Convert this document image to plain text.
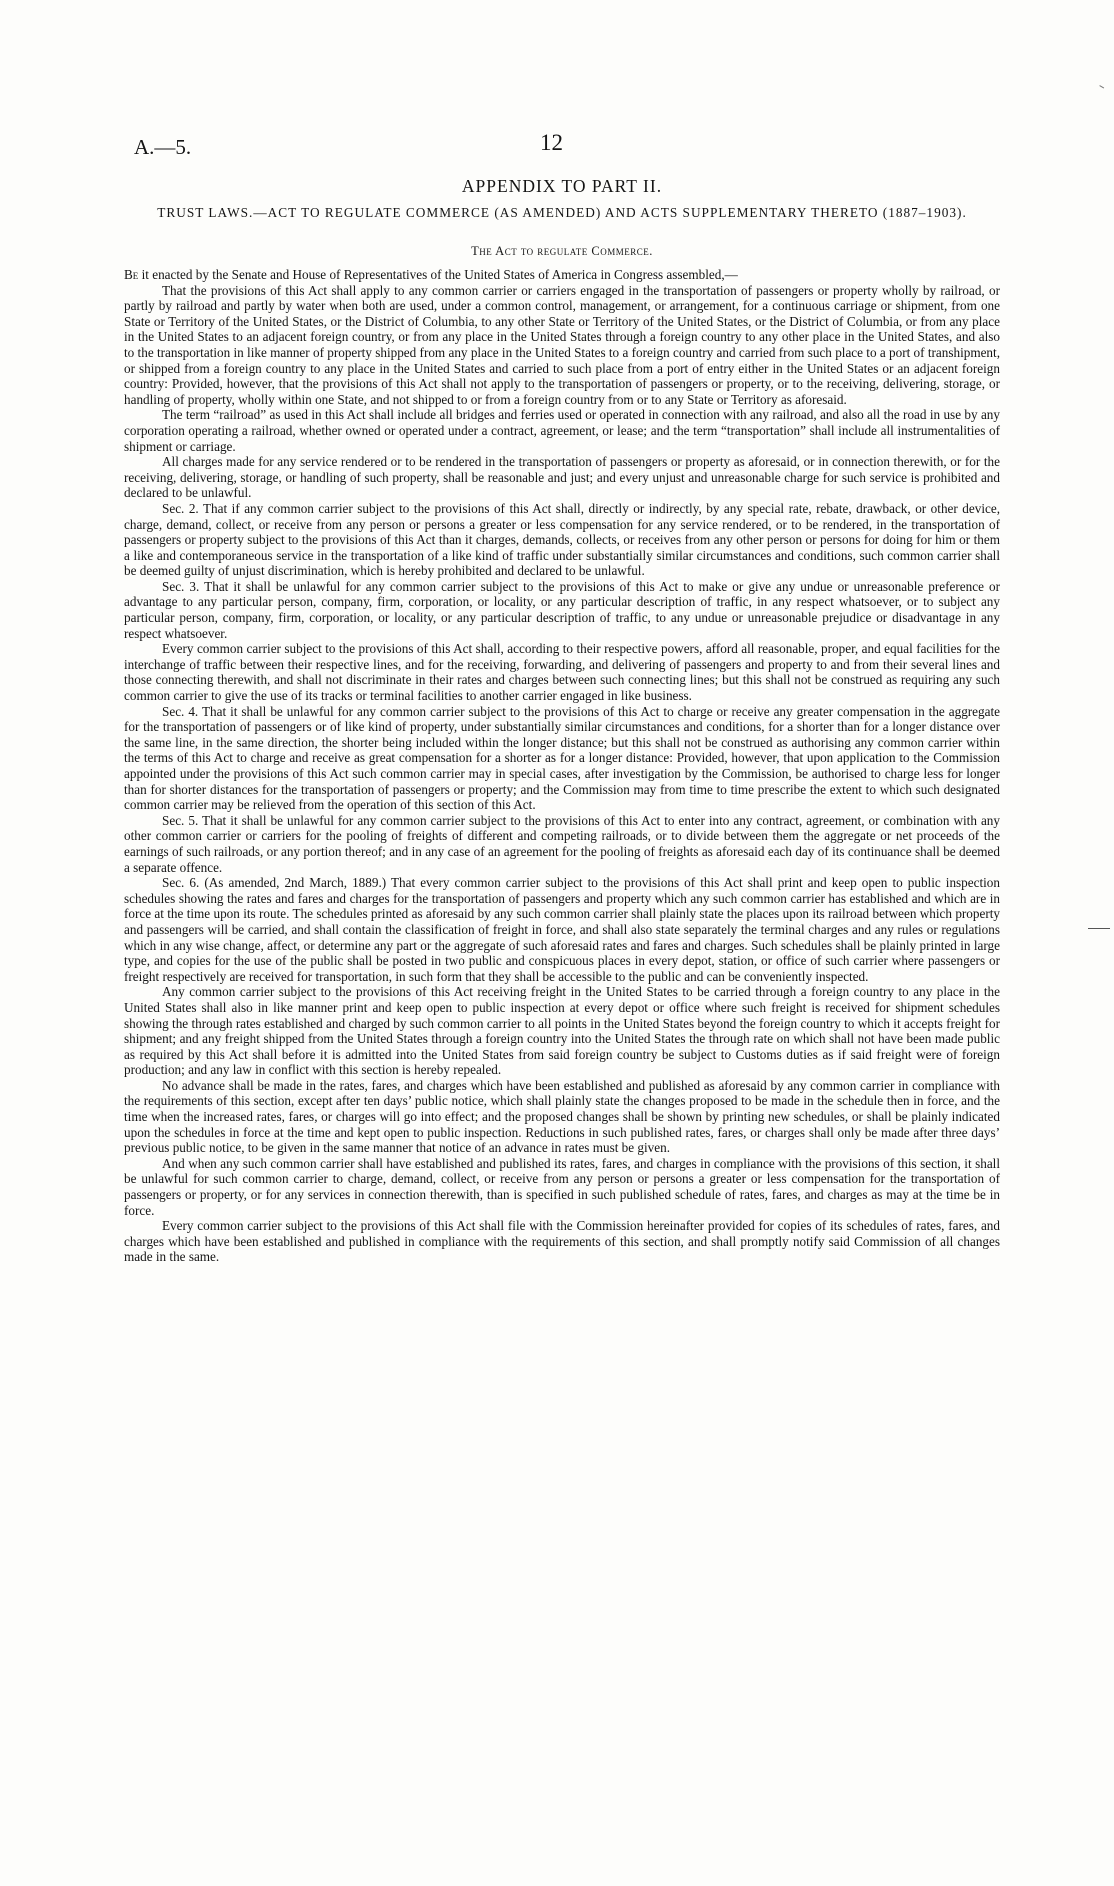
A.—5.	12
APPENDIX TO PART II.
TRUST LAWS.—ACT TO REGULATE COMMERCE (AS AMENDED) AND ACTS SUPPLEMENTARY THERETO (1887–1903).
The Act to regulate Commerce.

Be it enacted by the Senate and House of Representatives of the United States of America in Congress assembled,—

That the provisions of this Act shall apply to any common carrier or carriers engaged in the transportation of passengers or property wholly by railroad, or partly by railroad and partly by water when both are used, under a common control, management, or arrangement, for a continuous carriage or shipment, from one State or Territory of the United States, or the District of Columbia, to any other State or Territory of the United States, or the District of Columbia, or from any place in the United States to an adjacent foreign country, or from any place in the United States through a foreign country to any other place in the United States, and also to the transportation in like manner of property shipped from any place in the United States to a foreign country and carried from such place to a port of transhipment, or shipped from a foreign country to any place in the United States and carried to such place from a port of entry either in the United States or an adjacent foreign country: Provided, however, that the provisions of this Act shall not apply to the transportation of passengers or property, or to the receiving, delivering, storage, or handling of property, wholly within one State, and not shipped to or from a foreign country from or to any State or Territory as aforesaid.

The term “railroad” as used in this Act shall include all bridges and ferries used or operated in connection with any railroad, and also all the road in use by any corporation operating a railroad, whether owned or operated under a contract, agreement, or lease; and the term “transportation” shall include all instrumentalities of shipment or carriage.

All charges made for any service rendered or to be rendered in the transportation of passengers or property as aforesaid, or in connection therewith, or for the receiving, delivering, storage, or handling of such property, shall be reasonable and just; and every unjust and unreasonable charge for such service is prohibited and declared to be unlawful.

Sec. 2. That if any common carrier subject to the provisions of this Act shall, directly or indirectly, by any special rate, rebate, drawback, or other device, charge, demand, collect, or receive from any person or persons a greater or less compensation for any service rendered, or to be rendered, in the transportation of passengers or property subject to the provisions of this Act than it charges, demands, collects, or receives from any other person or persons for doing for him or them a like and contemporaneous service in the transportation of a like kind of traffic under substantially similar circumstances and conditions, such common carrier shall be deemed guilty of unjust discrimination, which is hereby prohibited and declared to be unlawful.

Sec. 3. That it shall be unlawful for any common carrier subject to the provisions of this Act to make or give any undue or unreasonable preference or advantage to any particular person, company, firm, corporation, or locality, or any particular description of traffic, in any respect whatsoever, or to subject any particular person, company, firm, corporation, or locality, or any particular description of traffic, to any undue or unreasonable prejudice or disadvantage in any respect whatsoever.

Every common carrier subject to the provisions of this Act shall, according to their respective powers, afford all reasonable, proper, and equal facilities for the interchange of traffic between their respective lines, and for the receiving, forwarding, and delivering of passengers and property to and from their several lines and those connecting therewith, and shall not discriminate in their rates and charges between such connecting lines; but this shall not be construed as requiring any such common carrier to give the use of its tracks or terminal facilities to another carrier engaged in like business.

Sec. 4. That it shall be unlawful for any common carrier subject to the provisions of this Act to charge or receive any greater compensation in the aggregate for the transportation of passengers or of like kind of property, under substantially similar circumstances and conditions, for a shorter than for a longer distance over the same line, in the same direction, the shorter being included within the longer distance; but this shall not be construed as authorising any common carrier within the terms of this Act to charge and receive as great compensation for a shorter as for a longer distance: Provided, however, that upon application to the Commission appointed under the provisions of this Act such common carrier may in special cases, after investigation by the Commission, be authorised to charge less for longer than for shorter distances for the transportation of passengers or property; and the Commission may from time to time prescribe the extent to which such designated common carrier may be relieved from the operation of this section of this Act.

Sec. 5. That it shall be unlawful for any common carrier subject to the provisions of this Act to enter into any contract, agreement, or combination with any other common carrier or carriers for the pooling of freights of different and competing railroads, or to divide between them the aggregate or net proceeds of the earnings of such railroads, or any portion thereof; and in any case of an agreement for the pooling of freights as aforesaid each day of its continuance shall be deemed a separate offence.

Sec. 6. (As amended, 2nd March, 1889.) That every common carrier subject to the provisions of this Act shall print and keep open to public inspection schedules showing the rates and fares and charges for the transportation of passengers and property which any such common carrier has established and which are in force at the time upon its route. The schedules printed as aforesaid by any such common carrier shall plainly state the places upon its railroad between which property and passengers will be carried, and shall contain the classification of freight in force, and shall also state separately the terminal charges and any rules or regulations which in any wise change, affect, or determine any part or the aggregate of such aforesaid rates and fares and charges. Such schedules shall be plainly printed in large type, and copies for the use of the public shall be posted in two public and conspicuous places in every depot, station, or office of such carrier where passengers or freight respectively are received for transportation, in such form that they shall be accessible to the public and can be conveniently inspected.

Any common carrier subject to the provisions of this Act receiving freight in the United States to be carried through a foreign country to any place in the United States shall also in like manner print and keep open to public inspection at every depot or office where such freight is received for shipment schedules showing the through rates established and charged by such common carrier to all points in the United States beyond the foreign country to which it accepts freight for shipment; and any freight shipped from the United States through a foreign country into the United States the through rate on which shall not have been made public as required by this Act shall before it is admitted into the United States from said foreign country be subject to Customs duties as if said freight were of foreign production; and any law in conflict with this section is hereby repealed.

No advance shall be made in the rates, fares, and charges which have been established and published as aforesaid by any common carrier in compliance with the requirements of this section, except after ten days’ public notice, which shall plainly state the changes proposed to be made in the schedule then in force, and the time when the increased rates, fares, or charges will go into effect; and the proposed changes shall be shown by printing new schedules, or shall be plainly indicated upon the schedules in force at the time and kept open to public inspection. Reductions in such published rates, fares, or charges shall only be made after three days’ previous public notice, to be given in the same manner that notice of an advance in rates must be given.

And when any such common carrier shall have established and published its rates, fares, and charges in compliance with the provisions of this section, it shall be unlawful for such common carrier to charge, demand, collect, or receive from any person or persons a greater or less compensation for the transportation of passengers or property, or for any services in connection therewith, than is specified in such published schedule of rates, fares, and charges as may at the time be in force.

Every common carrier subject to the provisions of this Act shall file with the Commission hereinafter provided for copies of its schedules of rates, fares, and charges which have been established and published in compliance with the requirements of this section, and shall promptly notify said Commission of all changes made in the same.
